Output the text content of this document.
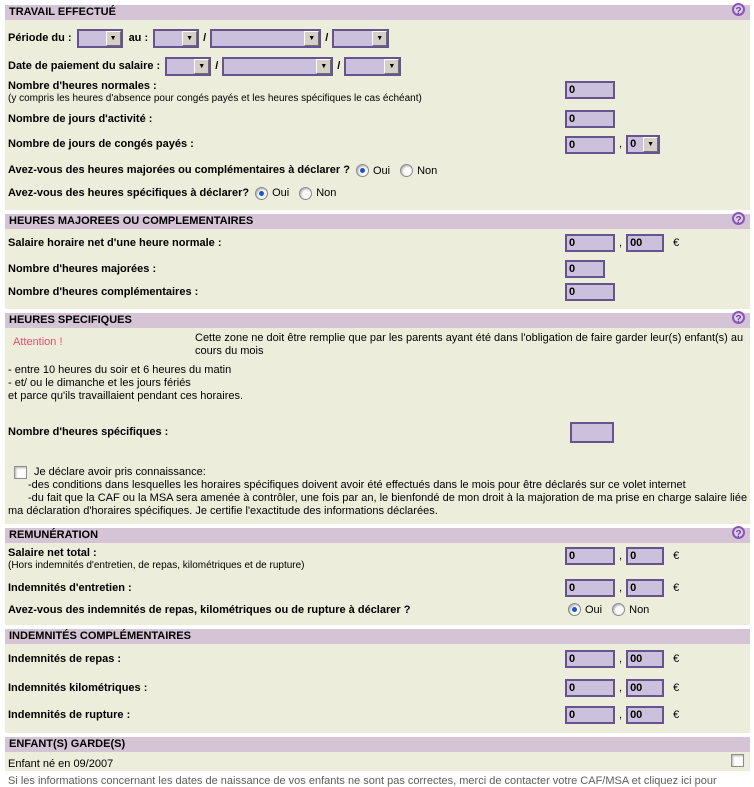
TRAVAIL EFFECTUÉ	?
Période du :	▼	au :	▼ /	▼ /	▼
Date de paiement du salaire :	▼ /	▼ /	▼
Nombre d'heures normales :
(y compris les heures d'absence pour congés payés et les heures spécifiques le cas échéant)
0
Nombre de jours d'activité :	0
Nombre de jours de congés payés :	0	, 0	▼
Avez-vous des heures majorées ou complémentaires à déclarer ? Oui Non
Avez-vous des heures spécifiques à déclarer? Oui Non
HEURES MAJOREES OU COMPLEMENTAIRES	?
Salaire horaire net d'une heure normale :	0	, 00	€
Nombre d'heures majorées :	0
Nombre d'heures complémentaires :	0
HEURES SPECIFIQUES	?
Attention !	Cette zone ne doit être remplie que par les parents ayant été dans l'obligation de faire garder leur(s) enfant(s) au cours du mois
- entre 10 heures du soir et 6 heures du matin
- et/ ou le dimanche et les jours fériés
et parce qu'ils travaillaient pendant ces horaires.
Nombre d'heures spécifiques :
Je déclare avoir pris connaissance:
-des conditions dans lesquelles les horaires spécifiques doivent avoir été effectués dans le mois pour être déclarés sur ce volet internet
-du fait que la CAF ou la MSA sera amenée à contrôler, une fois par an, le bienfondé de mon droit à la majoration de ma prise en charge salaire liée
ma déclaration d'horaires spécifiques. Je certifie l'exactitude des informations déclarées.
REMUNÉRATION	?
Salaire net total :
(Hors indemnités d'entretien, de repas, kilométriques et de rupture)
0	, 0	€
Indemnités d'entretien :	0	, 0	€
Avez-vous des indemnités de repas, kilométriques ou de rupture à déclarer ?	Oui Non
INDEMNITÉS COMPLÉMENTAIRES
Indemnités de repas :	0	, 00	€
Indemnités kilométriques :	0	, 00	€
Indemnités de rupture :	0	, 00	€
ENFANT(S) GARDE(S)
Enfant né en 09/2007
Si les informations concernant les dates de naissance de vos enfants ne sont pas correctes, merci de contacter votre CAF/MSA et cliquez ici pour
